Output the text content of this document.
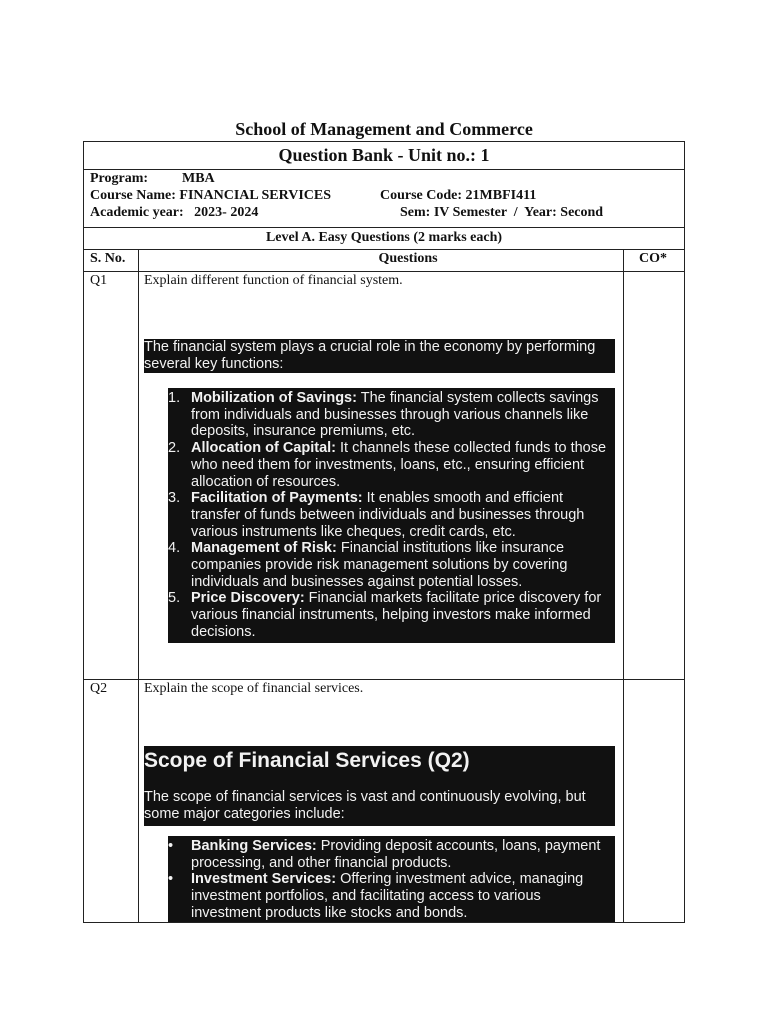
School of Management and Commerce
Question Bank - Unit no.: 1
Program: MBA
Course Name: FINANCIAL SERVICES	Course Code: 21MBFI411
Academic year:   2023- 2024	Sem: IV Semester  /  Year: Second
Level A. Easy Questions (2 marks each)
S. No.	Questions	CO*
Q1	Explain different function of financial system.

The financial system plays a crucial role in the economy by performing several key functions:

1. Mobilization of Savings: The financial system collects savings from individuals and businesses through various channels like deposits, insurance premiums, etc.
2. Allocation of Capital: It channels these collected funds to those who need them for investments, loans, etc., ensuring efficient allocation of resources.
3. Facilitation of Payments: It enables smooth and efficient transfer of funds between individuals and businesses through various instruments like cheques, credit cards, etc.
4. Management of Risk: Financial institutions like insurance companies provide risk management solutions by covering individuals and businesses against potential losses.
5. Price Discovery: Financial markets facilitate price discovery for various financial instruments, helping investors make informed decisions.
Q2	Explain the scope of financial services.
Scope of Financial Services (Q2)

The scope of financial services is vast and continuously evolving, but some major categories include:

• Banking Services: Providing deposit accounts, loans, payment processing, and other financial products.
• Investment Services: Offering investment advice, managing investment portfolios, and facilitating access to various investment products like stocks and bonds.
